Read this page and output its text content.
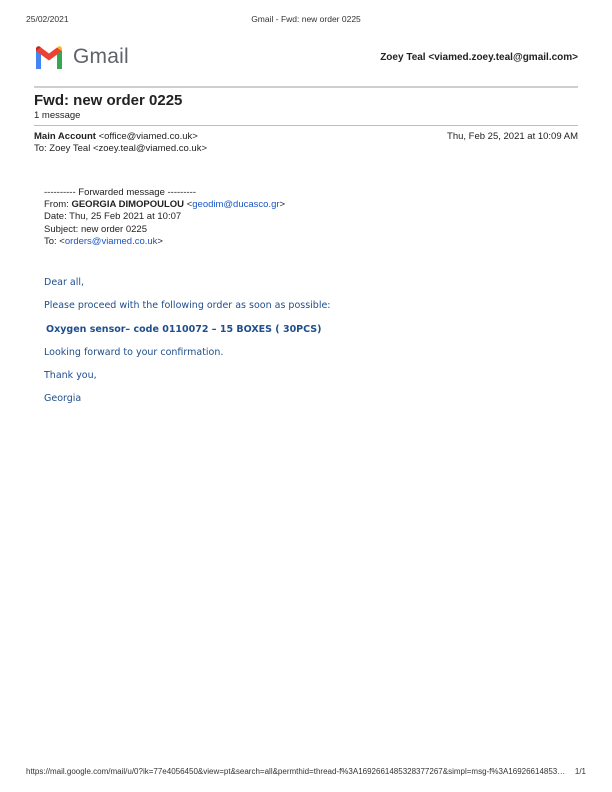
25/02/2021	Gmail - Fwd: new order 0225
Gmail	Zoey Teal <viamed.zoey.teal@gmail.com>
Fwd: new order 0225
1 message
Main Account <office@viamed.co.uk>	Thu, Feb 25, 2021 at 10:09 AM
To: Zoey Teal <zoey.teal@viamed.co.uk>
---------- Forwarded message ---------
From: GEORGIA DIMOPOULOU <geodim@ducasco.gr>
Date: Thu, 25 Feb 2021 at 10:07
Subject: new order 0225
To: <orders@viamed.co.uk>
Dear all,
Please proceed with the following order as soon as possible:
Oxygen sensor– code 0110072 – 15 BOXES ( 30PCS)
Looking forward to your confirmation.
Thank you,
Georgia
https://mail.google.com/mail/u/0?ik=77e4056450&view=pt&search=all&permthid=thread-f%3A1692661485328377267&simpl=msg-f%3A16926614853… 1/1
